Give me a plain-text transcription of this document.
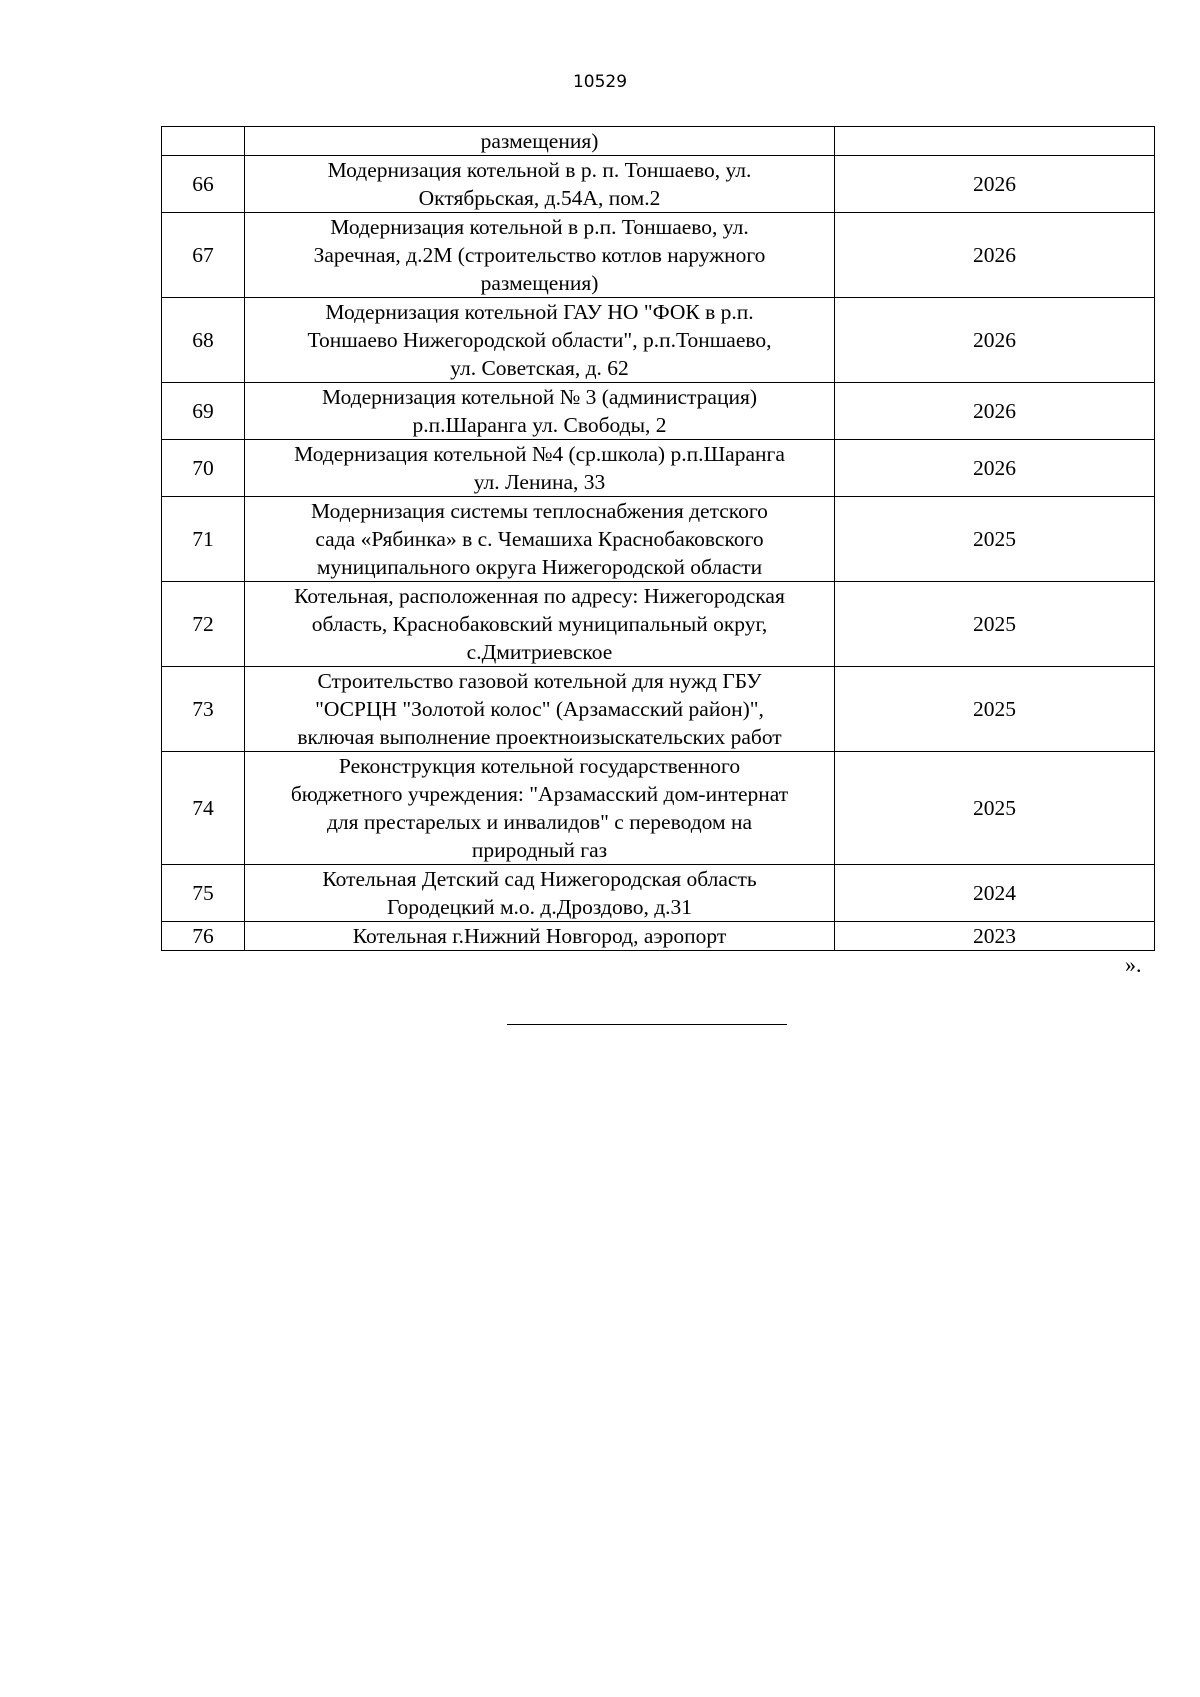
10529
	размещения)	
66	Модернизация котельной в р. п. Тоншаево, ул.
Октябрьская, д.54А, пом.2	2026
67	Модернизация котельной в р.п. Тоншаево, ул.
Заречная, д.2М (строительство котлов наружного
размещения)	2026
68	Модернизация котельной ГАУ НО "ФОК в р.п.
Тоншаево Нижегородской области", р.п.Тоншаево,
ул. Советская, д. 62	2026
69	Модернизация котельной № 3 (администрация)
р.п.Шаранга ул. Свободы, 2	2026
70	Модернизация котельной №4 (ср.школа) р.п.Шаранга
ул. Ленина, 33	2026
71	Модернизация системы теплоснабжения детского
сада «Рябинка» в с. Чемашиха Краснобаковского
муниципального округа Нижегородской области	2025
72	Котельная, расположенная по адресу: Нижегородская
область, Краснобаковский муниципальный округ,
с.Дмитриевское	2025
73	Строительство газовой котельной для нужд ГБУ
"ОСРЦН "Золотой колос" (Арзамасский район)",
включая выполнение проектноизыскательских работ	2025
74	Реконструкция котельной государственного
бюджетного учреждения: "Арзамасский дом-интернат
для престарелых и инвалидов" с переводом на
природный газ	2025
75	Котельная Детский сад Нижегородская область
Городецкий м.о. д.Дроздово, д.31	2024
76	Котельная г.Нижний Новгород, аэропорт	2023
».
